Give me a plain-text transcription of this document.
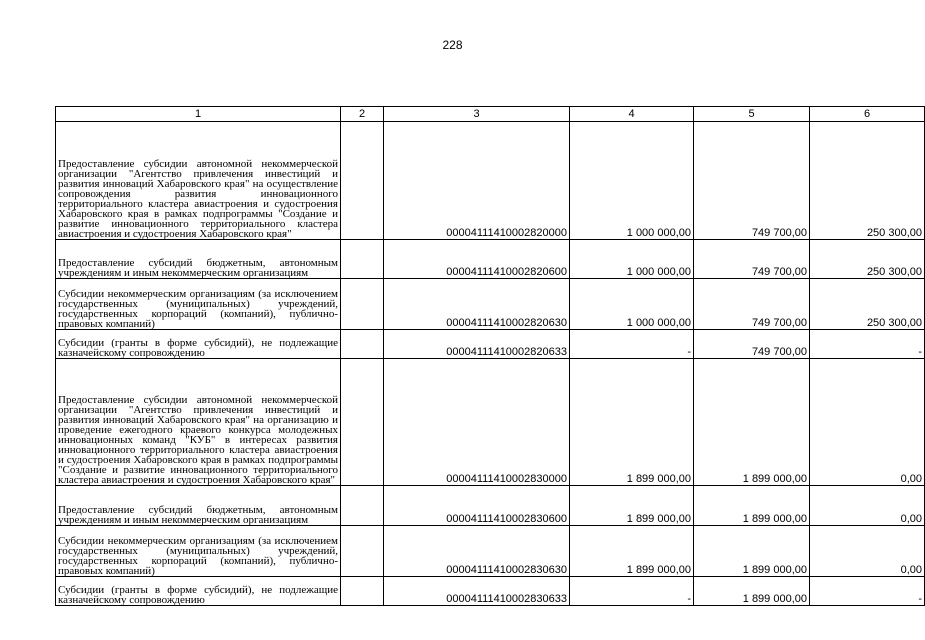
228
1	2	3	4	5	6
Предоставление субсидии автономной некоммерческой организации "Агентство привлечения инвестиций и развития инноваций Хабаровского края" на осуществление сопровождения развития инновационного территориального кластера авиастроения и судостроения Хабаровского края в рамках подпрограммы "Создание и развитие инновационного территориального кластера авиастроения и судостроения Хабаровского края"		00004111410002820000	1 000 000,00	749 700,00	250 300,00
Предоставление субсидий бюджетным, автономным учреждениям и иным некоммерческим организациям		00004111410002820600	1 000 000,00	749 700,00	250 300,00
Субсидии некоммерческим организациям (за исключением государственных (муниципальных) учреждений, государственных корпораций (компаний), публично-правовых компаний)		00004111410002820630	1 000 000,00	749 700,00	250 300,00
Субсидии (гранты в форме субсидий), не подлежащие казначейскому сопровождению		00004111410002820633	-	749 700,00	-
Предоставление субсидии автономной некоммерческой организации "Агентство привлечения инвестиций и развития инноваций Хабаровского края" на организацию и проведение ежегодного краевого конкурса молодежных инновационных команд "КУБ" в интересах развития инновационного территориального кластера авиастроения и судостроения Хабаровского края в рамках подпрограммы "Создание и развитие инновационного территориального кластера авиастроения и судостроения Хабаровского края"		00004111410002830000	1 899 000,00	1 899 000,00	0,00
Предоставление субсидий бюджетным, автономным учреждениям и иным некоммерческим организациям		00004111410002830600	1 899 000,00	1 899 000,00	0,00
Субсидии некоммерческим организациям (за исключением государственных (муниципальных) учреждений, государственных корпораций (компаний), публично-правовых компаний)		00004111410002830630	1 899 000,00	1 899 000,00	0,00
Субсидии (гранты в форме субсидий), не подлежащие казначейскому сопровождению		00004111410002830633	-	1 899 000,00	-
